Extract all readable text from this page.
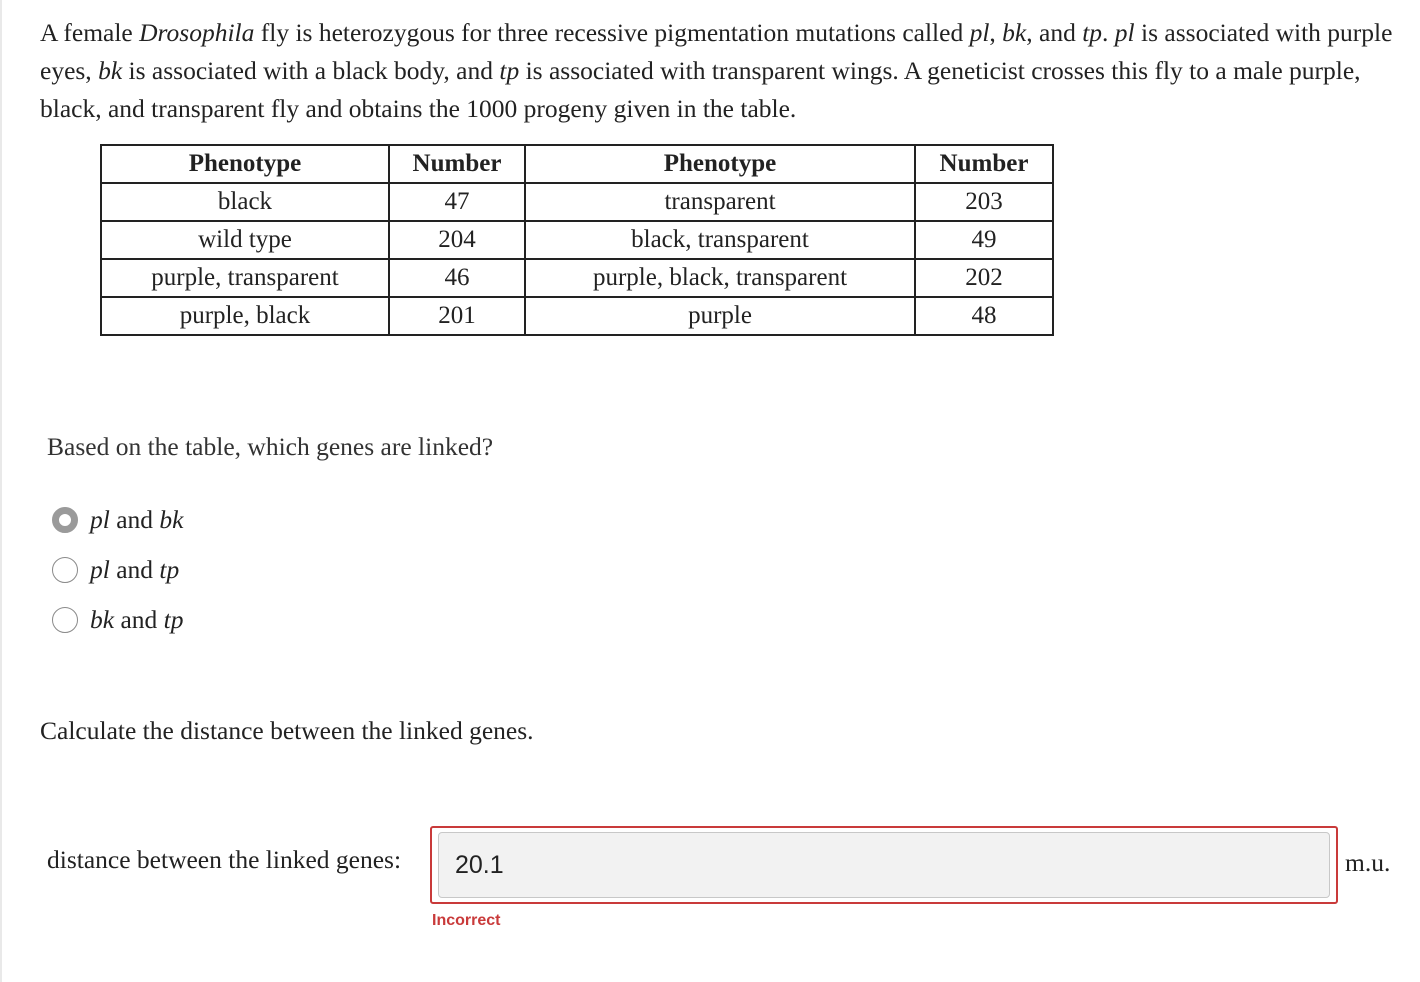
A female Drosophila fly is heterozygous for three recessive pigmentation mutations called pl, bk, and tp. pl is associated with purple eyes, bk is associated with a black body, and tp is associated with transparent wings. A geneticist crosses this fly to a male purple, black, and transparent fly and obtains the 1000 progeny given in the table.
Phenotype	Number	Phenotype	Number
black	47	transparent	203
wild type	204	black, transparent	49
purple, transparent	46	purple, black, transparent	202
purple, black	201	purple	48
Based on the table, which genes are linked?
pl and bk
pl and tp
bk and tp
Calculate the distance between the linked genes.
distance between the linked genes:
20.1	m.u.
Incorrect
